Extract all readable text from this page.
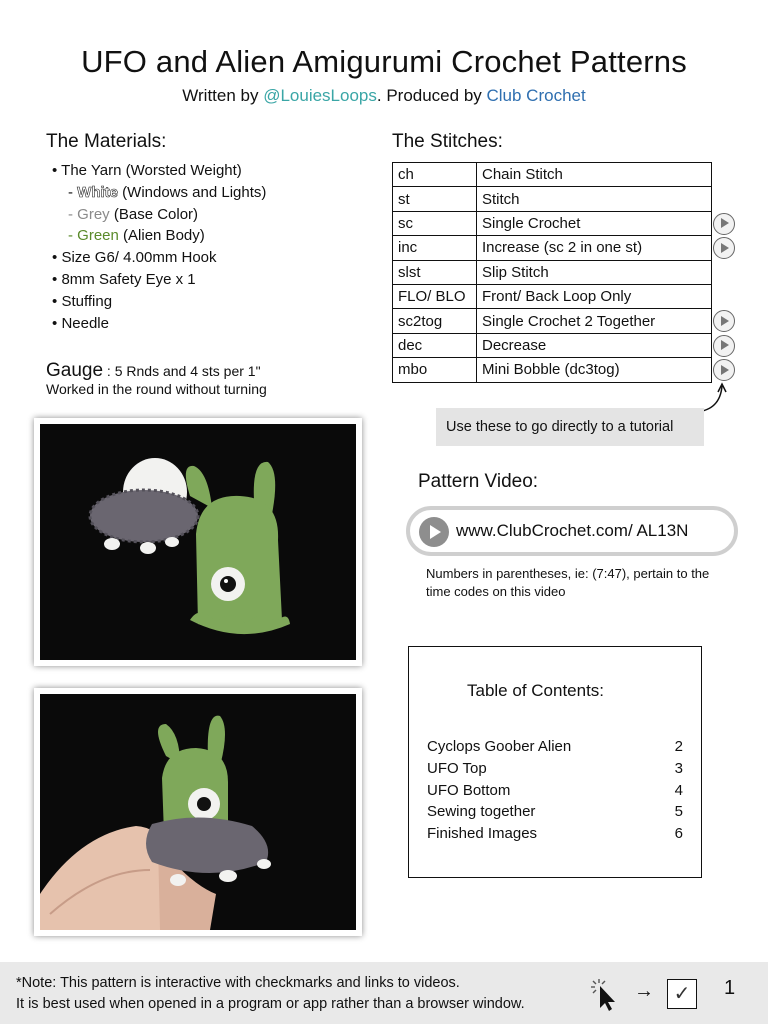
UFO and Alien Amigurumi Crochet Patterns
Written by @LouiesLoops. Produced by Club Crochet
The Materials:
• The Yarn (Worsted Weight)
- White (Windows and Lights)
- Grey (Base Color)
- Green (Alien Body)
• Size G6/ 4.00mm Hook
• 8mm Safety Eye x 1
• Stuffing
• Needle
Gauge : 5 Rnds and 4 sts per 1"
Worked in the round without turning
The Stitches:
ch	Chain Stitch
st	Stitch
sc	Single Crochet
inc	Increase (sc 2 in one st)
slst	Slip Stitch
FLO/ BLO	Front/ Back Loop Only
sc2tog	Single Crochet 2 Together
dec	Decrease
mbo	Mini Bobble (dc3tog)
Use these to go directly to a tutorial
Pattern Video:
www.ClubCrochet.com/ AL13N
Numbers in parentheses, ie: (7:47), pertain to the time codes on this video
Table of Contents:
Cyclops Goober Alien	2
UFO Top	3
UFO Bottom	4
Sewing together	5
Finished Images	6
*Note: This pattern is interactive with checkmarks and links to videos.
It is best used when opened in a program or app rather than a browser window.
→ ✓	1
